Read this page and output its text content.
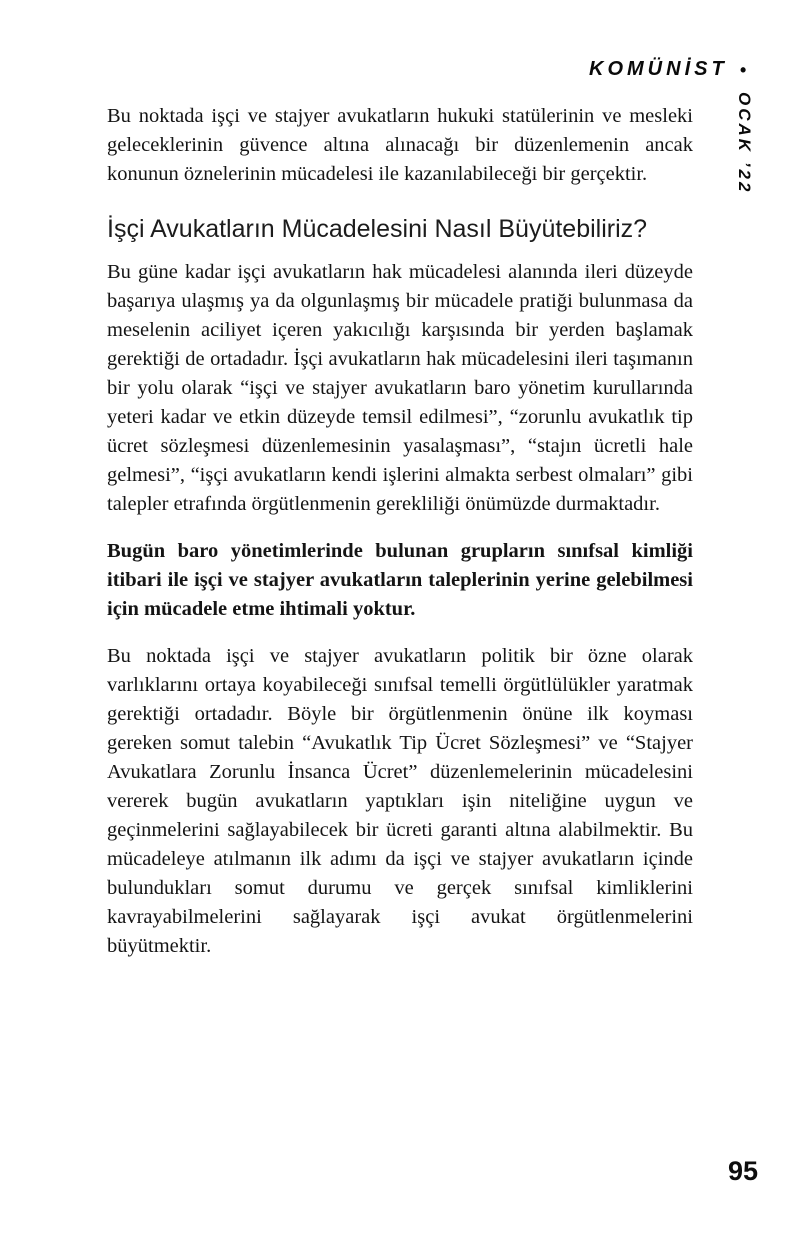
KOMÜNİST •
OCAK ’22

Bu noktada işçi ve stajyer avukatların hukuki statülerinin ve mesleki geleceklerinin güvence altına alınacağı bir düzenlemenin ancak konunun öznelerinin mücadelesi ile kazanılabileceği bir gerçektir.

İşçi Avukatların Mücadelesini Nasıl Büyütebiliriz?

Bu güne kadar işçi avukatların hak mücadelesi alanında ileri düzeyde başarıya ulaşmış ya da olgunlaşmış bir mücadele pratiği bulunmasa da meselenin aciliyet içeren yakıcılığı karşısında bir yerden başlamak gerektiği de ortadadır. İşçi avukatların hak mücadelesini ileri taşımanın bir yolu olarak “işçi ve stajyer avukatların baro yönetim kurullarında yeteri kadar ve etkin düzeyde temsil edilmesi”, “zorunlu avukatlık tip ücret sözleşmesi düzenlemesinin yasalaşması”, “stajın ücretli hale gelmesi”, “işçi avukatların kendi işlerini almakta serbest olmaları” gibi talepler etrafında örgütlenmenin gerekliliği önümüzde durmaktadır.

Bugün baro yönetimlerinde bulunan grupların sınıfsal kimliği itibari ile işçi ve stajyer avukatların taleplerinin yerine gelebilmesi için mücadele etme ihtimali yoktur.

Bu noktada işçi ve stajyer avukatların politik bir özne olarak varlıklarını ortaya koyabileceği sınıfsal temelli örgütlülükler yaratmak gerektiği ortadadır. Böyle bir örgütlenmenin önüne ilk koyması gereken somut talebin “Avukatlık Tip Ücret Sözleşmesi” ve “Stajyer Avukatlara Zorunlu İnsanca Ücret” düzenlemelerinin mücadelesini vererek bugün avukatların yaptıkları işin niteliğine uygun ve geçinmelerini sağlayabilecek bir ücreti garanti altına alabilmektir. Bu mücadeleye atılmanın ilk adımı da işçi ve stajyer avukatların içinde bulundukları somut durumu ve gerçek sınıfsal kimliklerini kavrayabilmelerini sağlayarak işçi avukat örgütlenmelerini büyütmektir.

95
